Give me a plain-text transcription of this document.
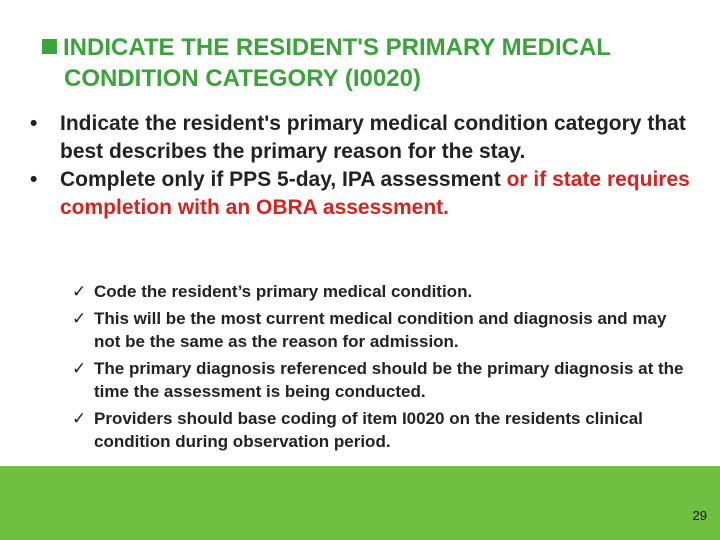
INDICATE THE RESIDENT'S PRIMARY MEDICAL
CONDITION CATEGORY (I0020)
• Indicate the resident's primary medical condition category that best describes the primary reason for the stay.
• Complete only if PPS 5-day, IPA assessment or if state requires completion with an OBRA assessment.
✓ Code the resident’s primary medical condition.
✓ This will be the most current medical condition and diagnosis and may not be the same as the reason for admission.
✓ The primary diagnosis referenced should be the primary diagnosis at the time the assessment is being conducted.
✓ Providers should base coding of item I0020 on the residents clinical condition during observation period.
29
